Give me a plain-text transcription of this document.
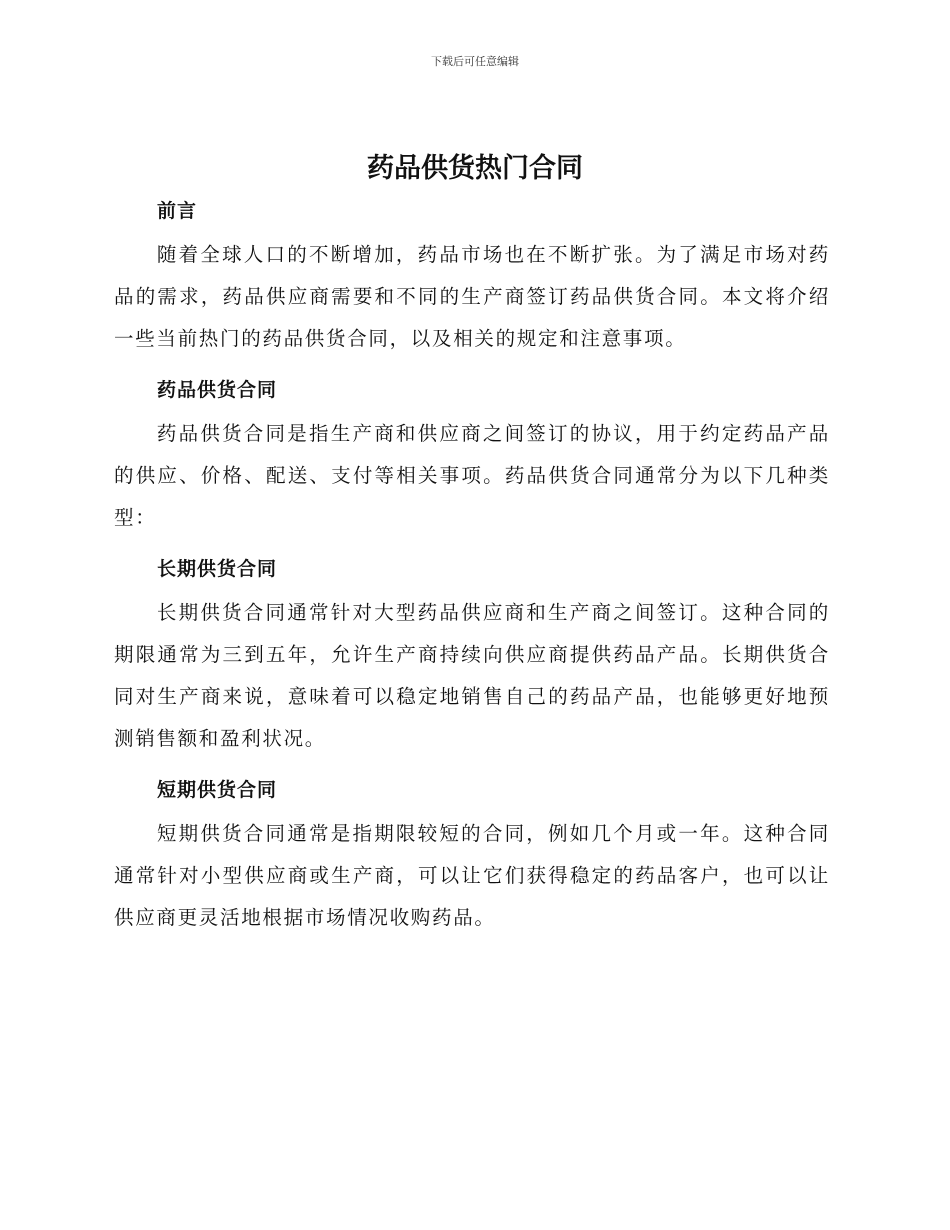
下载后可任意编辑
药品供货热门合同
前言

随着全球人口的不断增加，药品市场也在不断扩张。为了满足市场对药品的需求，药品供应商需要和不同的生产商签订药品供货合同。本文将介绍一些当前热门的药品供货合同，以及相关的规定和注意事项。

药品供货合同

药品供货合同是指生产商和供应商之间签订的协议，用于约定药品产品的供应、价格、配送、支付等相关事项。药品供货合同通常分为以下几种类型：

长期供货合同

长期供货合同通常针对大型药品供应商和生产商之间签订。这种合同的期限通常为三到五年，允许生产商持续向供应商提供药品产品。长期供货合同对生产商来说，意味着可以稳定地销售自己的药品产品，也能够更好地预测销售额和盈利状况。

短期供货合同

短期供货合同通常是指期限较短的合同，例如几个月或一年。这种合同通常针对小型供应商或生产商，可以让它们获得稳定的药品客户，也可以让供应商更灵活地根据市场情况收购药品。
